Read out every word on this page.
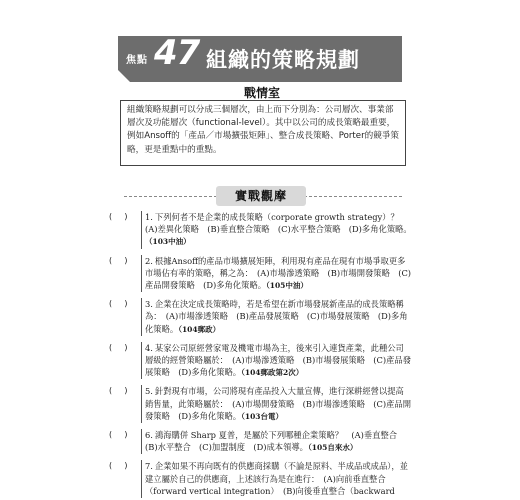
焦點 47 組織的策略規劃
戰情室
組織策略規劃可以分成三個層次，由上而下分別為：公司層次、事業部層次及功能層次（functional-level）。其中以公司的成長策略最重要，例如Ansoff的「產品／市場擴張矩陣」、整合成長策略、Porter的競爭策略，更是重點中的重點。
實戰觀摩
( )	1. 下列何者不是企業的成長策略（corporate growth strategy）？　(A)差異化策略　(B)垂直整合策略　(C)水平整合策略　(D)多角化策略。（103中油）
( )	2. 根據Ansoff的產品市場擴展矩陣，利用現有產品在現有市場爭取更多市場佔有率的策略，稱之為：　(A)市場滲透策略　(B)市場開發策略　(C)產品開發策略　(D)多角化策略。（105中油）
( )	3. 企業在決定成長策略時，若是希望在新市場發展新產品的成長策略稱為：　(A)市場滲透策略　(B)產品發展策略　(C)市場發展策略　(D)多角化策略。（104郵政）
( )	4. 某家公司原經營家電及機電市場為主，後來引入連貨產業，此種公司層級的經營策略屬於：　(A)市場滲透策略　(B)市場發展策略　(C)產品發展策略　(D)多角化策略。（104郵政第2次）
( )	5. 針對現有市場，公司將現有產品投入大量宣傳，進行深耕經營以提高銷售量，此策略屬於：　(A)市場開發策略　(B)市場滲透策略　(C)產品開發策略　(D)多角化策略。（103台電）
( )	6. 鴻海購併 Sharp 夏普，是屬於下列哪種企業策略？　(A)垂直整合　(B)水平整合　(C)加盟制度　(D)成本領導。（105自來水）
( )	7. 企業如果不再向既有的供應商採購（不論是原料、半成品或成品），並建立屬於自己的供應商，上述該行為是在進行：　(A)向前垂直整合（forward vertical integration）　(B)向後垂直整合（backward
